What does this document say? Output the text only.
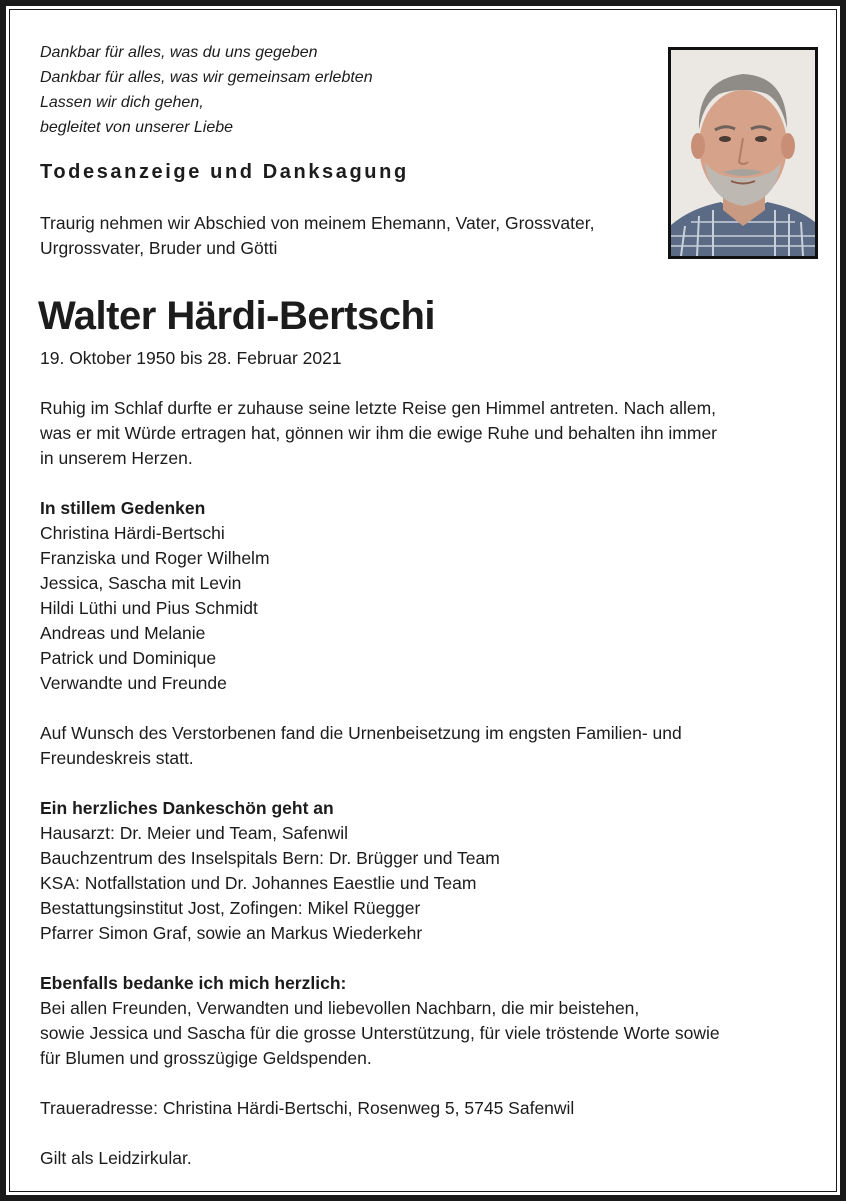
Dankbar für alles, was du uns gegeben
Dankbar für alles, was wir gemeinsam erlebten
Lassen wir dich gehen,
begleitet von unserer Liebe
Todesanzeige und Danksagung
Traurig nehmen wir Abschied von meinem Ehemann, Vater, Grossvater,
Urgrossvater, Bruder und Götti
Walter Härdi-Bertschi
19. Oktober 1950 bis 28. Februar 2021
Ruhig im Schlaf durfte er zuhause seine letzte Reise gen Himmel antreten. Nach allem,
was er mit Würde ertragen hat, gönnen wir ihm die ewige Ruhe und behalten ihn immer
in unserem Herzen.
In stillem Gedenken
Christina Härdi-Bertschi
Franziska und Roger Wilhelm
Jessica, Sascha mit Levin
Hildi Lüthi und Pius Schmidt
Andreas und Melanie
Patrick und Dominique
Verwandte und Freunde
Auf Wunsch des Verstorbenen fand die Urnenbeisetzung im engsten Familien- und
Freundeskreis statt.
Ein herzliches Dankeschön geht an
Hausarzt: Dr. Meier und Team, Safenwil
Bauchzentrum des Inselspitals Bern: Dr. Brügger und Team
KSA: Notfallstation und Dr. Johannes Eaestlie und Team
Bestattungsinstitut Jost, Zofingen: Mikel Rüegger
Pfarrer Simon Graf, sowie an Markus Wiederkehr
Ebenfalls bedanke ich mich herzlich:
Bei allen Freunden, Verwandten und liebevollen Nachbarn, die mir beistehen,
sowie Jessica und Sascha für die grosse Unterstützung, für viele tröstende Worte sowie
für Blumen und grosszügige Geldspenden.
Traueradresse: Christina Härdi-Bertschi, Rosenweg 5, 5745 Safenwil
Gilt als Leidzirkular.
